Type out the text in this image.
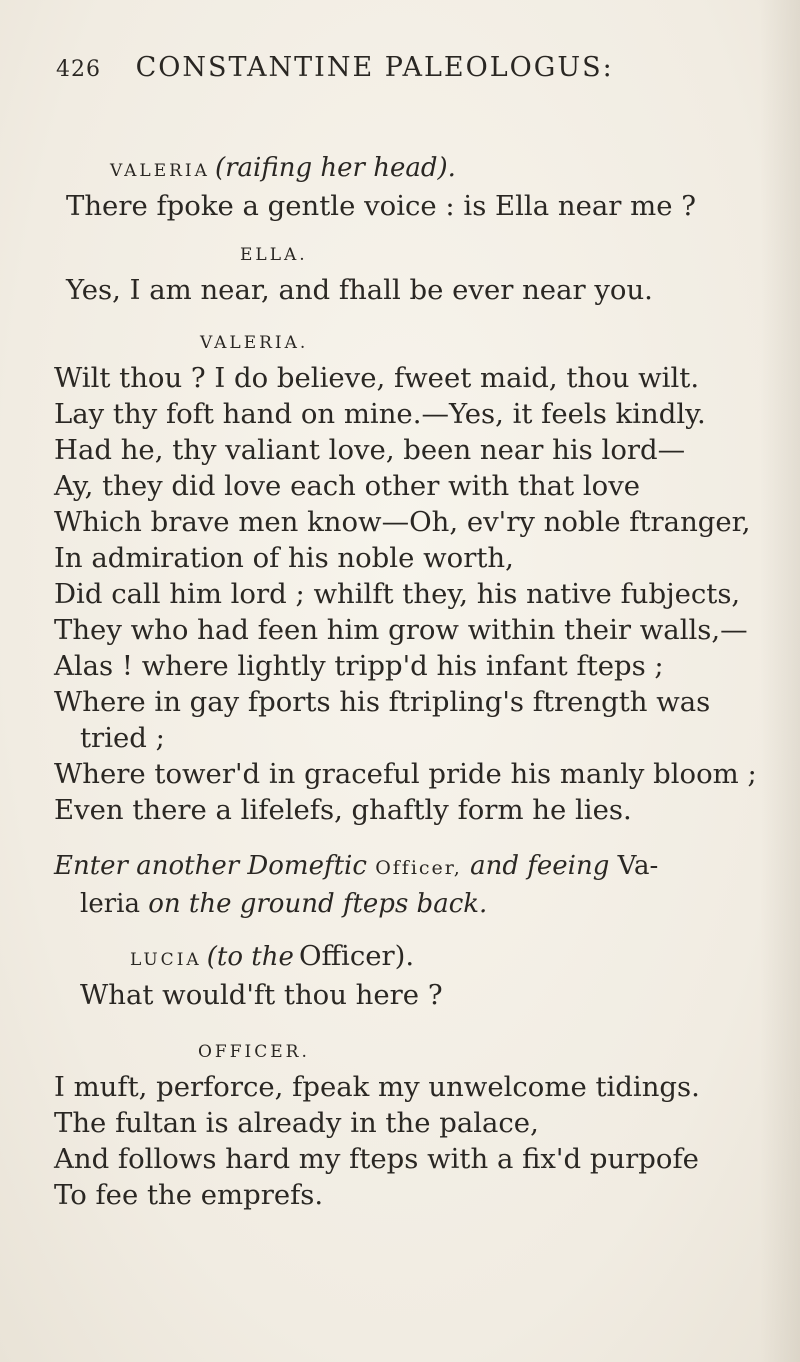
426 CONSTANTINE PALEOLOGUS:
VALERIA (raifing her head).
There fpoke a gentle voice : is Ella near me ?
ELLA.
Yes, I am near, and fhall be ever near you.
VALERIA.
Wilt thou ? I do believe, fweet maid, thou wilt.
Lay thy foft hand on mine.—Yes, it feels kindly.
Had he, thy valiant love, been near his lord—
Ay, they did love each other with that love
Which brave men know—Oh, ev'ry noble ftranger,
In admiration of his noble worth,
Did call him lord ; whilft they, his native fubjects,
They who had feen him grow within their walls,—
Alas ! where lightly tripp'd his infant fteps ;
Where in gay fports his ftripling's ftrength was
tried ;
Where tower'd in graceful pride his manly bloom ;
Even there a lifelefs, ghaftly form he lies.
Enter another Domeftic Officer, and feeing Va-
leria on the ground fteps back.
LUCIA (to the Officer).
What would'ft thou here ?
OFFICER.
I muft, perforce, fpeak my unwelcome tidings.
The fultan is already in the palace,
And follows hard my fteps with a fix'd purpofe
To fee the emprefs.
